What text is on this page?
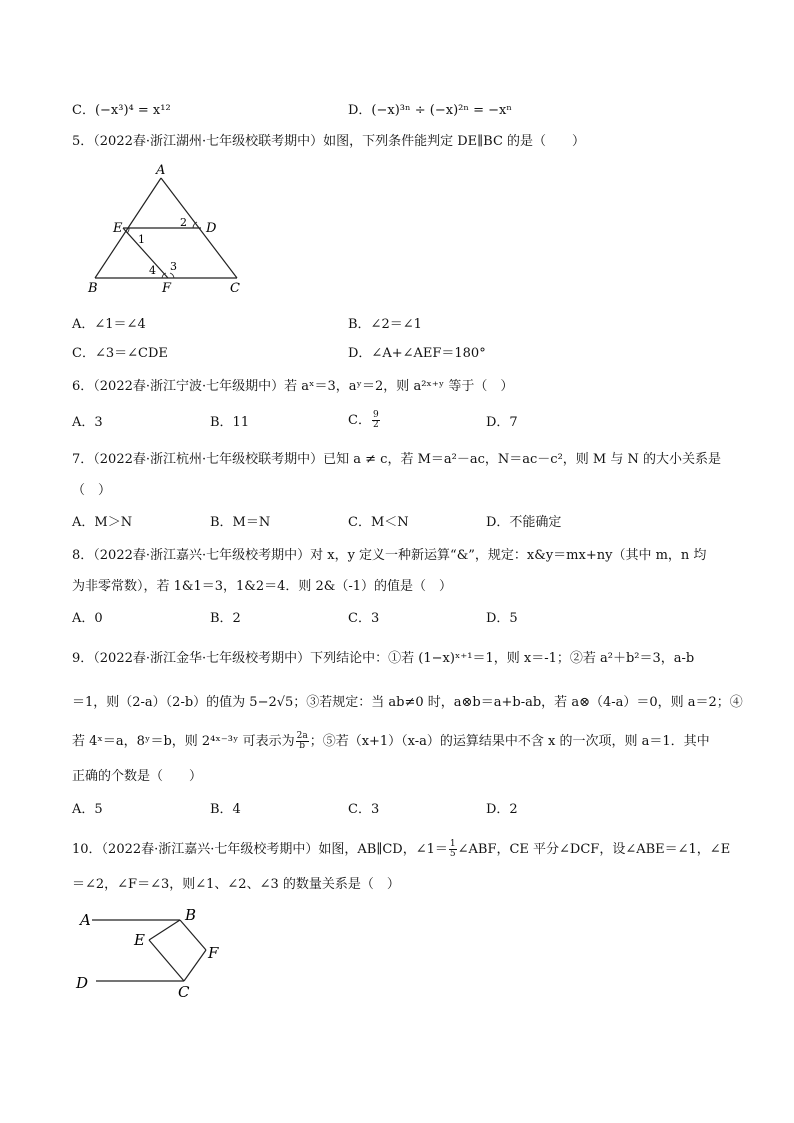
C．(−x³)⁴ = x¹²	D．(−x)³ⁿ ÷ (−x)²ⁿ = −xⁿ
5．（2022春·浙江湖州·七年级校联考期中）如图，下列条件能判定 DE∥BC 的是（　　）
A
E	D
B	F	C
1
2
3
4
A．∠1＝∠4	B．∠2＝∠1
C．∠3＝∠CDE	D．∠A+∠AEF＝180°
6．（2022春·浙江宁波·七年级期中）若 aˣ＝3，aʸ＝2，则 a²ˣ⁺ʸ 等于（　）
A．3	B．11	C． $\frac{9}{2}$	D．7
7．（2022春·浙江杭州·七年级校联考期中）已知 a ≠ c，若 M＝a²－ac，N＝ac－c²，则 M 与 N 的大小关系是
（　）
A．M＞N	B．M＝N	C．M＜N	D．不能确定
8．（2022春·浙江嘉兴·七年级校考期中）对 x，y 定义一种新运算“&”，规定：x&y＝mx+ny（其中 m，n 均
为非零常数），若 1&1＝3，1&2＝4．则 2&（-1）的值是（　）
A．0	B．2	C．3	D．5
9．（2022春·浙江金华·七年级校考期中）下列结论中：①若 (1−x)ˣ⁺¹＝1，则 x＝-1；②若 a²＋b²＝3，a-b
＝1，则（2-a）（2-b）的值为 5−2√5；③若规定：当 ab≠0 时，a⊗b＝a+b-ab，若 a⊗（4-a）＝0，则 a＝2；④
若 4ˣ＝a，8ʸ＝b，则 2⁴ˣ⁻³ʸ 可表示为 $\frac{2a}{b}$ ；⑤若（x+1）（x-a）的运算结果中不含 x 的一次项，则 a＝1．其中
正确的个数是（　　）
A．5	B．4	C．3	D．2
10．（2022春·浙江嘉兴·七年级校考期中）如图，AB∥CD，∠1＝ $\frac{1}{5}$ ∠ABF，CE 平分∠DCF，设∠ABE＝∠1，∠E
＝∠2，∠F＝∠3，则∠1、∠2、∠3 的数量关系是（　）
A	B
E
F
D	C
